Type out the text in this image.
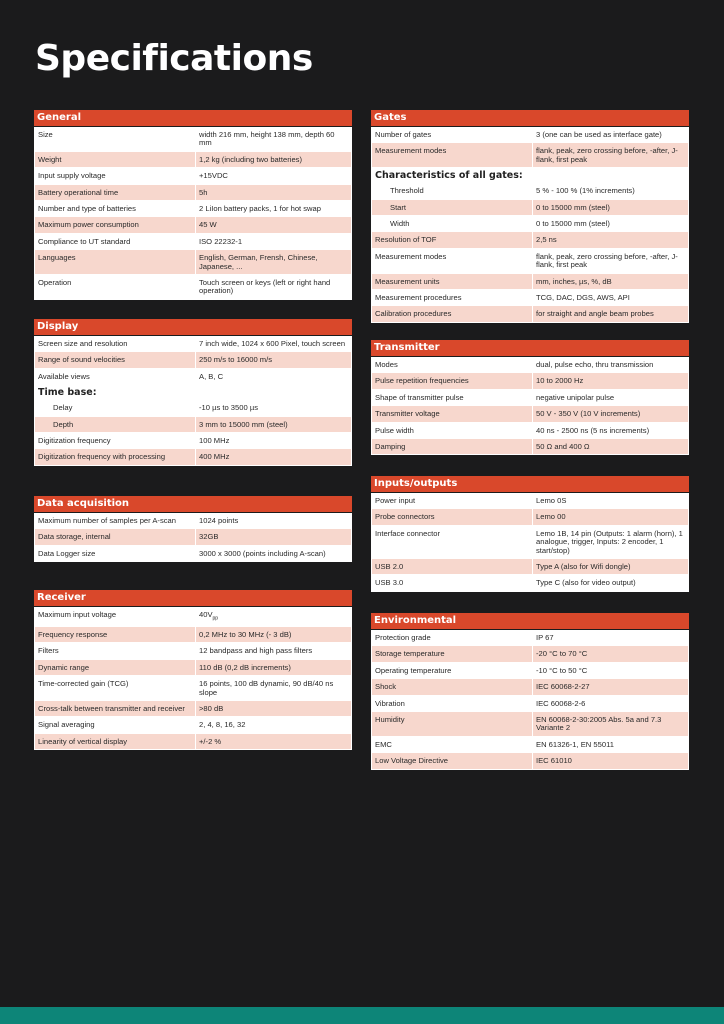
Specifications
General
Size	width 216 mm, height 138 mm, depth 60 mm
Weight	1,2 kg (including two batteries)
Input supply voltage	+15VDC
Battery operational time	5h
Number and type of batteries	2 LiIon battery packs, 1 for hot swap
Maximum power consumption	45 W
Compliance to UT standard	ISO 22232-1
Languages	English, German, Frensh, Chinese, Japanese, ...
Operation	Touch screen or keys (left or right hand operation)
Display
Screen size and resolution	7 inch wide, 1024 x 600 Pixel, touch screen
Range of sound velocities	250 m/s to 16000 m/s
Available views	A, B, C
Time base:
Delay	-10 µs to 3500 µs
Depth	3 mm to 15000 mm (steel)
Digitization frequency	100 MHz
Digitization frequency with processing	400 MHz
Data acquisition
Maximum number of samples per A-scan	1024 points
Data storage, internal	32GB
Data Logger size	3000 x 3000 (points including A-scan)
Receiver
Maximum input voltage	$40V_{pp}$
Frequency response	0,2 MHz to 30 MHz (- 3 dB)
Filters	12 bandpass and high pass filters
Dynamic range	110 dB (0,2 dB increments)
Time-corrected gain (TCG)	16 points, 100 dB dynamic, 90 dB/40 ns slope
Cross-talk between transmitter and receiver	>80 dB
Signal averaging	2, 4, 8, 16, 32
Linearity of vertical display	+/-2 %
Gates
Number of gates	3 (one can be used as interface gate)
Measurement modes	flank, peak, zero crossing before, -after, J-flank, first peak
Characteristics of all gates:
Threshold	5 % - 100 % (1% increments)
Start	0 to 15000 mm (steel)
Width	0 to 15000 mm (steel)
Resolution of TOF	2,5 ns
Measurement modes	flank, peak, zero crossing before, -after, J-flank, first peak
Measurement units	mm, inches, µs, %, dB
Measurement procedures	TCG, DAC, DGS, AWS, API
Calibration procedures	for straight and angle beam probes
Transmitter
Modes	dual, pulse echo, thru transmission
Pulse repetition frequencies	10 to 2000 Hz
Shape of transmitter pulse	negative unipolar pulse
Transmitter voltage	50 V - 350 V (10 V increments)
Pulse width	40 ns - 2500 ns (5 ns increments)
Damping	50 Ω and 400 Ω
Inputs/outputs
Power input	Lemo 0S
Probe connectors	Lemo 00
Interface connector	Lemo 1B, 14 pin (Outputs: 1 alarm (horn), 1 analogue, trigger, Inputs: 2 encoder, 1 start/stop)
USB 2.0	Type A (also for Wifi dongle)
USB 3.0	Type C (also for video output)
Environmental
Protection grade	IP 67
Storage temperature	-20 °C to 70 °C
Operating temperature	-10 °C to 50 °C
Shock	IEC 60068-2-27
Vibration	IEC 60068-2-6
Humidity	EN 60068-2-30:2005 Abs. 5a and 7.3 Variante 2
EMC	EN 61326-1, EN 55011
Low Voltage Directive	IEC 61010
